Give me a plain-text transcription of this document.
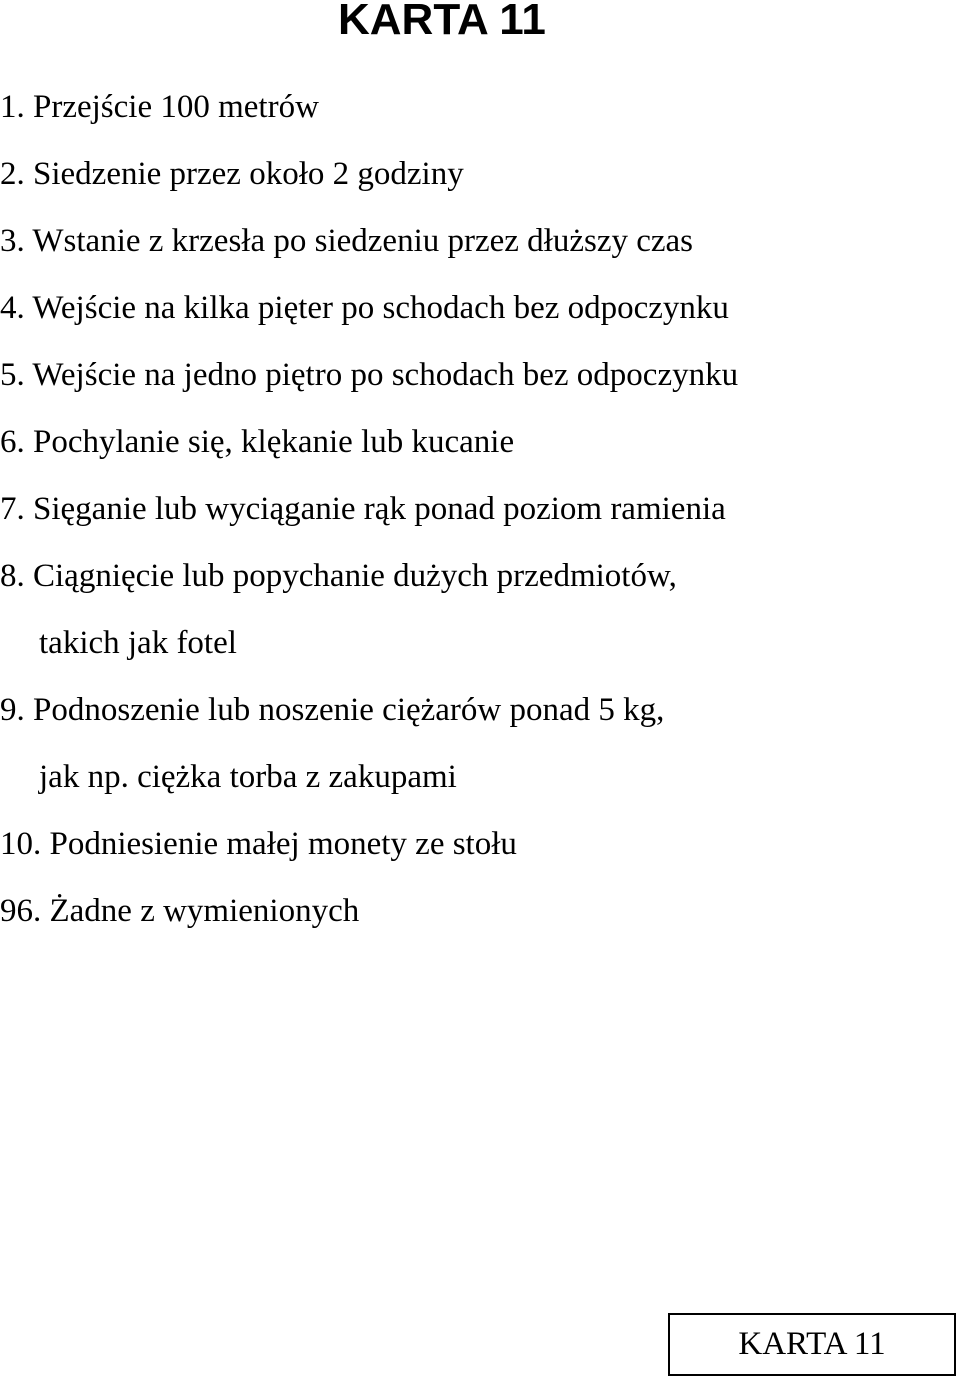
KARTA 11
1. Przejście 100 metrów
2. Siedzenie przez około 2 godziny
3. Wstanie z krzesła po siedzeniu przez dłuższy czas
4. Wejście na kilka pięter po schodach bez odpoczynku
5. Wejście na jedno piętro po schodach bez odpoczynku
6. Pochylanie się, klękanie lub kucanie
7. Sięganie lub wyciąganie rąk ponad poziom ramienia
8. Ciągnięcie lub popychanie dużych przedmiotów,
takich jak fotel
9. Podnoszenie lub noszenie ciężarów ponad 5 kg,
jak np. ciężka torba z zakupami
10. Podniesienie małej monety ze stołu
96. Żadne z wymienionych
KARTA 11
